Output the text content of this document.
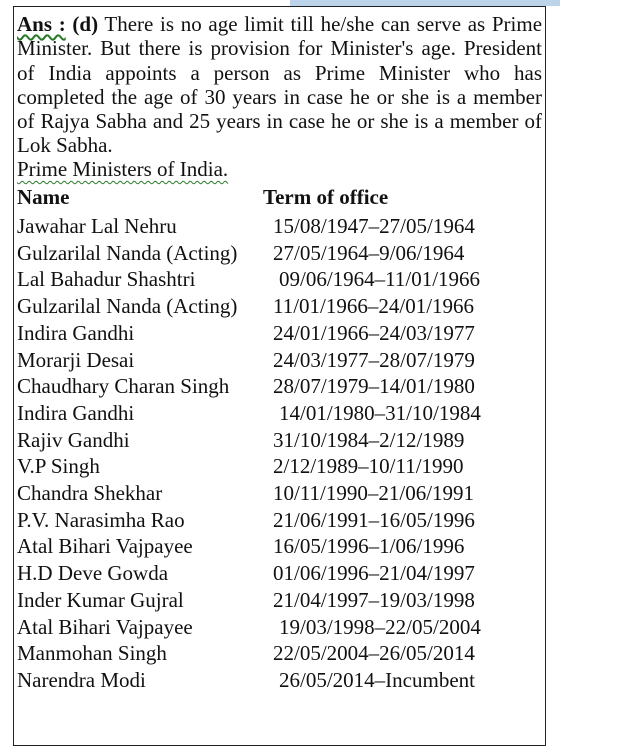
Ans : (d) There is no age limit till he/she can serve as Prime Minister. But there is provision for Minister's age. President of India appoints a person as Prime Minister who has completed the age of 30 years in case he or she is a member of Rajya Sabha and 25 years in case he or she is a member of Lok Sabha.

Prime Ministers of India.

Name	Term of office
Jawahar Lal Nehru	15/08/1947–27/05/1964
Gulzarilal Nanda (Acting)	27/05/1964–9/06/1964
Lal Bahadur Shashtri	09/06/1964–11/01/1966
Gulzarilal Nanda (Acting)	11/01/1966–24/01/1966
Indira Gandhi	24/01/1966–24/03/1977
Morarji Desai	24/03/1977–28/07/1979
Chaudhary Charan Singh	28/07/1979–14/01/1980
Indira Gandhi	14/01/1980–31/10/1984
Rajiv Gandhi	31/10/1984–2/12/1989
V.P Singh	2/12/1989–10/11/1990
Chandra Shekhar	10/11/1990–21/06/1991
P.V. Narasimha Rao	21/06/1991–16/05/1996
Atal Bihari Vajpayee	16/05/1996–1/06/1996
H.D Deve Gowda	01/06/1996–21/04/1997
Inder Kumar Gujral	21/04/1997–19/03/1998
Atal Bihari Vajpayee	19/03/1998–22/05/2004
Manmohan Singh	22/05/2004–26/05/2014
Narendra Modi	26/05/2014–Incumbent
